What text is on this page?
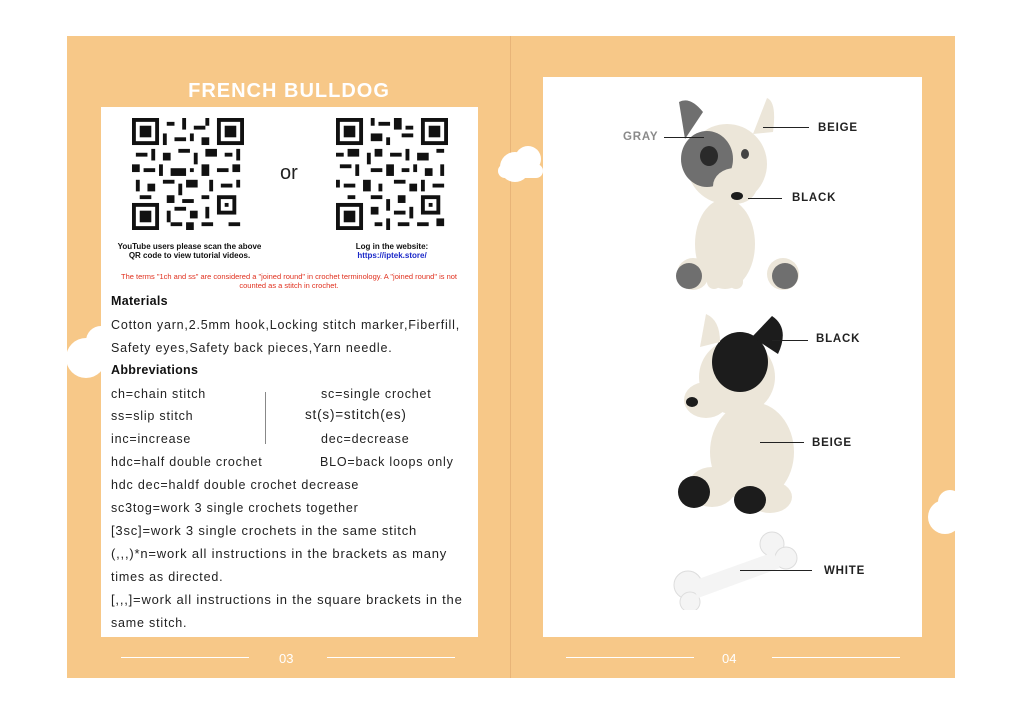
FRENCH BULLDOG
or
YouTube users please scan the above QR code to view tutorial videos.
Log in the website:
https://iptek.store/
The terms "1ch and ss" are considered a "joined round" in crochet terminology. A "joined round" is not counted as a stitch in crochet.
Materials
Cotton yarn,2.5mm hook,Locking stitch marker,Fiberfill,
Safety eyes,Safety back pieces,Yarn needle.
Abbreviations
ch=chain stitch	sc=single crochet
ss=slip stitch	st(s)=stitch(es)
inc=increase	dec=decrease
hdc=half double crochet	BLO=back loops only
hdc dec=haldf double crochet decrease
sc3tog=work 3 single crochets together
[3sc]=work 3 single crochets in the same stitch
(,,,)*n=work all instructions in the brackets as many
times as directed.
[,,,]=work all instructions in the square brackets in the
same stitch.
03
GRAY
BEIGE
BLACK
BLACK
BEIGE
WHITE
04
